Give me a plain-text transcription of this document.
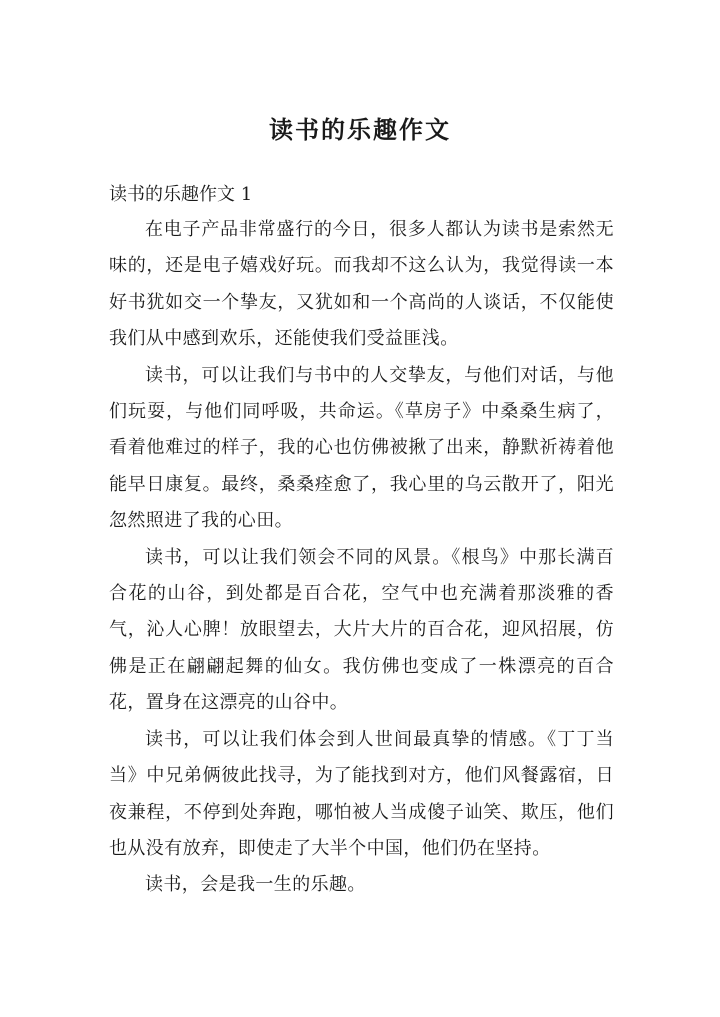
读书的乐趣作文
读书的乐趣作文 1

在电子产品非常盛行的今日，很多人都认为读书是索然无味的，还是电子嬉戏好玩。而我却不这么认为，我觉得读一本好书犹如交一个挚友，又犹如和一个高尚的人谈话，不仅能使我们从中感到欢乐，还能使我们受益匪浅。

读书，可以让我们与书中的人交挚友，与他们对话，与他们玩耍，与他们同呼吸，共命运。《草房子》中桑桑生病了，看着他难过的样子，我的心也仿佛被揪了出来，静默祈祷着他能早日康复。最终，桑桑痊愈了，我心里的乌云散开了，阳光忽然照进了我的心田。

读书，可以让我们领会不同的风景。《根鸟》中那长满百合花的山谷，到处都是百合花，空气中也充满着那淡雅的香气，沁人心脾！放眼望去，大片大片的百合花，迎风招展，仿佛是正在翩翩起舞的仙女。我仿佛也变成了一株漂亮的百合花，置身在这漂亮的山谷中。

读书，可以让我们体会到人世间最真挚的情感。《丁丁当当》中兄弟俩彼此找寻，为了能找到对方，他们风餐露宿，日夜兼程，不停到处奔跑，哪怕被人当成傻子讪笑、欺压，他们也从没有放弃，即使走了大半个中国，他们仍在坚持。

读书，会是我一生的乐趣。
